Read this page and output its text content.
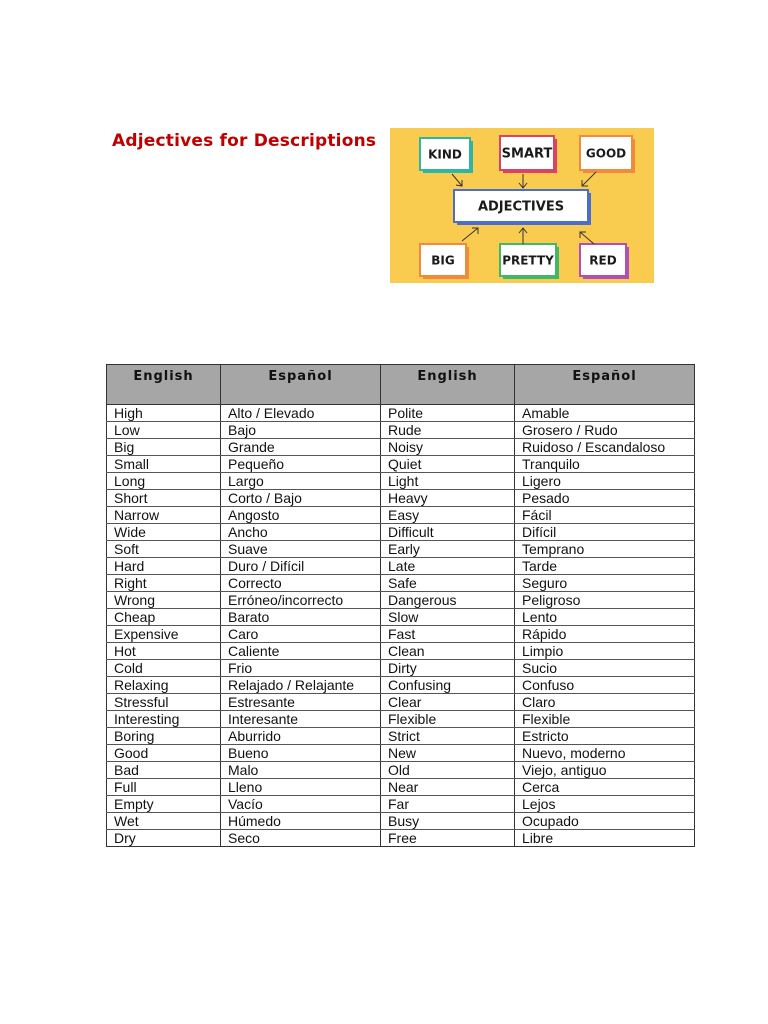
Adjectives for Descriptions
KIND	SMART	GOOD
BIG	PRETTY	RED
ADJECTIVES
English	Español	English	Español
High	Alto / Elevado	Polite	Amable
Low	Bajo	Rude	Grosero / Rudo
Big	Grande	Noisy	Ruidoso / Escandaloso
Small	Pequeño	Quiet	Tranquilo
Long	Largo	Light	Ligero
Short	Corto / Bajo	Heavy	Pesado
Narrow	Angosto	Easy	Fácil
Wide	Ancho	Difficult	Difícil
Soft	Suave	Early	Temprano
Hard	Duro / Difícil	Late	Tarde
Right	Correcto	Safe	Seguro
Wrong	Erróneo/incorrecto	Dangerous	Peligroso
Cheap	Barato	Slow	Lento
Expensive	Caro	Fast	Rápido
Hot	Caliente	Clean	Limpio
Cold	Frio	Dirty	Sucio
Relaxing	Relajado / Relajante	Confusing	Confuso
Stressful	Estresante	Clear	Claro
Interesting	Interesante	Flexible	Flexible
Boring	Aburrido	Strict	Estricto
Good	Bueno	New	Nuevo, moderno
Bad	Malo	Old	Viejo, antiguo
Full	Lleno	Near	Cerca
Empty	Vacío	Far	Lejos
Wet	Húmedo	Busy	Ocupado
Dry	Seco	Free	Libre
